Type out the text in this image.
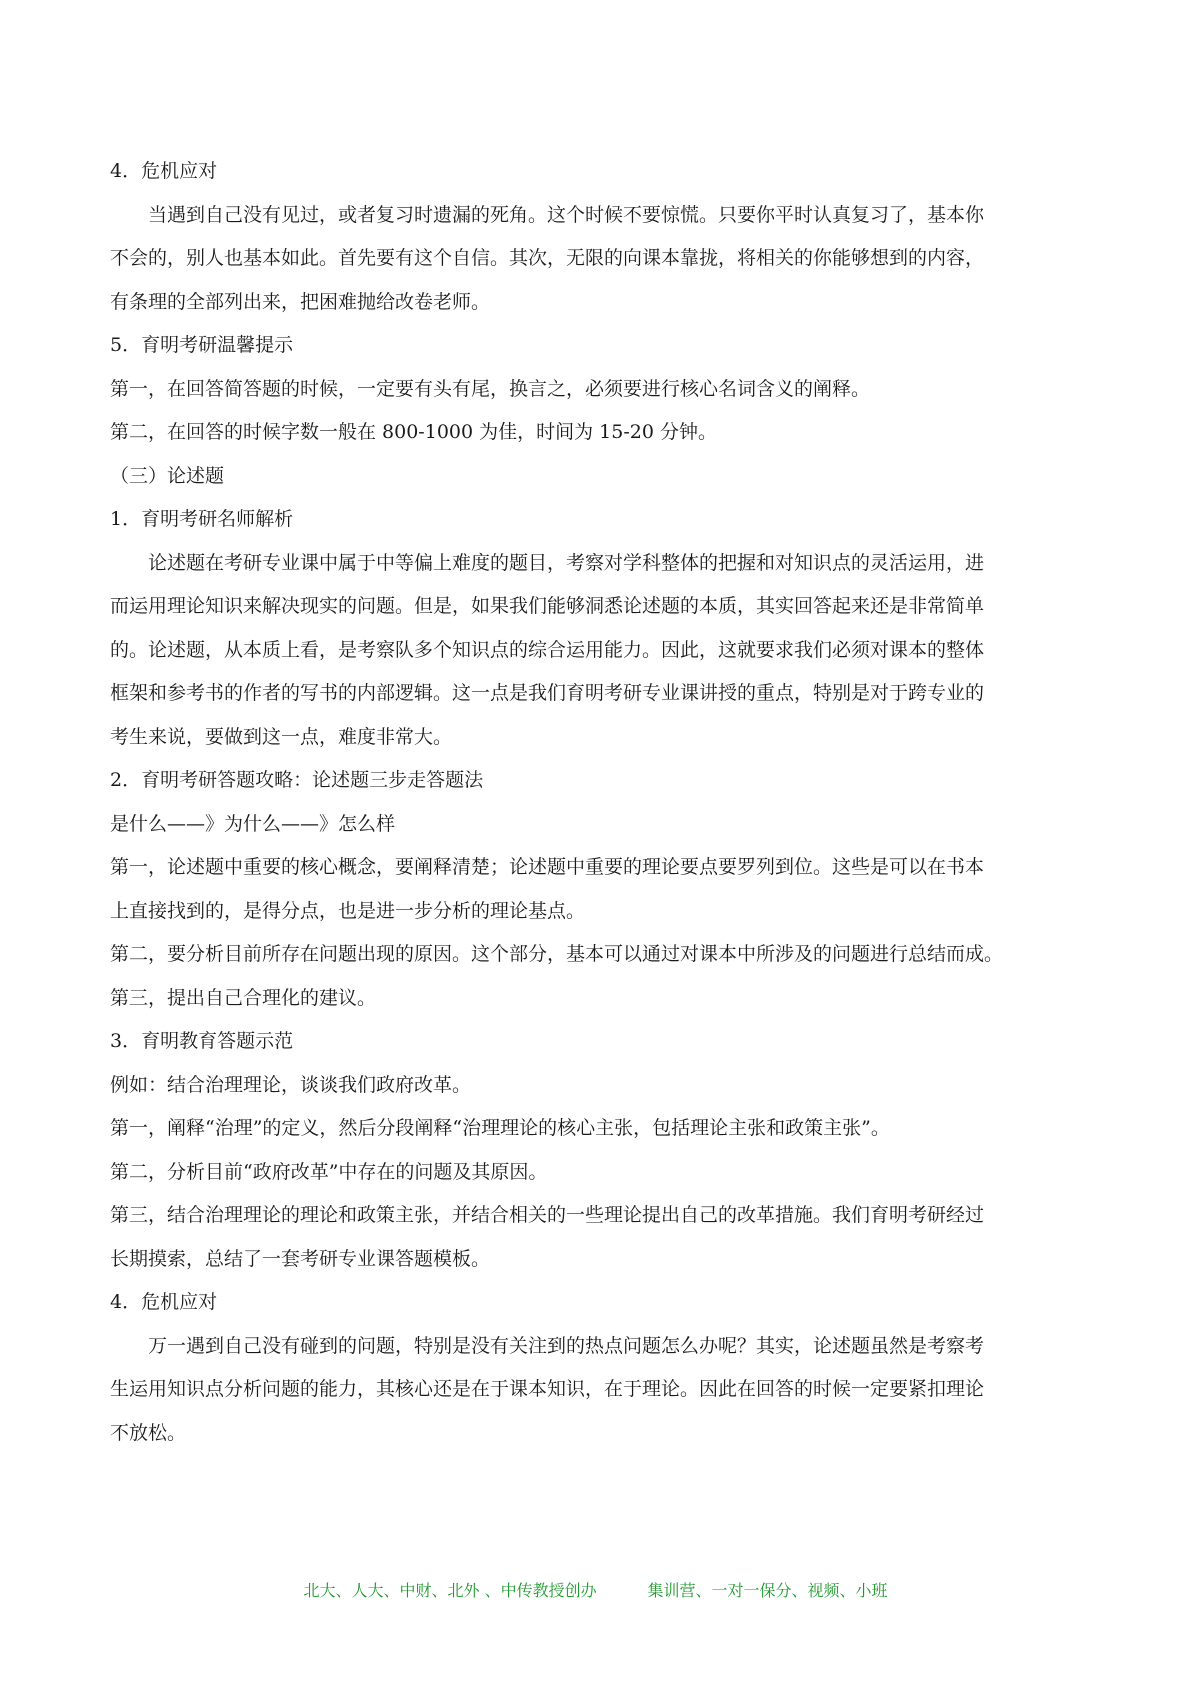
4．危机应对
当遇到自己没有见过，或者复习时遗漏的死角。这个时候不要惊慌。只要你平时认真复习了，基本你
不会的，别人也基本如此。首先要有这个自信。其次，无限的向课本靠拢，将相关的你能够想到的内容，
有条理的全部列出来，把困难抛给改卷老师。
5．育明考研温馨提示
第一，在回答简答题的时候，一定要有头有尾，换言之，必须要进行核心名词含义的阐释。
第二，在回答的时候字数一般在 800-1000 为佳，时间为 15-20 分钟。
（三）论述题
1．育明考研名师解析
论述题在考研专业课中属于中等偏上难度的题目，考察对学科整体的把握和对知识点的灵活运用，进
而运用理论知识来解决现实的问题。但是，如果我们能够洞悉论述题的本质，其实回答起来还是非常简单
的。论述题，从本质上看，是考察队多个知识点的综合运用能力。因此，这就要求我们必须对课本的整体
框架和参考书的作者的写书的内部逻辑。这一点是我们育明考研专业课讲授的重点，特别是对于跨专业的
考生来说，要做到这一点，难度非常大。
2．育明考研答题攻略：论述题三步走答题法
是什么——》为什么——》怎么样
第一，论述题中重要的核心概念，要阐释清楚；论述题中重要的理论要点要罗列到位。这些是可以在书本
上直接找到的，是得分点，也是进一步分析的理论基点。
第二，要分析目前所存在问题出现的原因。这个部分，基本可以通过对课本中所涉及的问题进行总结而成。
第三，提出自己合理化的建议。
3．育明教育答题示范
例如：结合治理理论，谈谈我们政府改革。
第一，阐释“治理”的定义，然后分段阐释“治理理论的核心主张，包括理论主张和政策主张”。
第二，分析目前“政府改革”中存在的问题及其原因。
第三，结合治理理论的理论和政策主张，并结合相关的一些理论提出自己的改革措施。我们育明考研经过
长期摸索，总结了一套考研专业课答题模板。
4．危机应对
万一遇到自己没有碰到的问题，特别是没有关注到的热点问题怎么办呢？其实，论述题虽然是考察考
生运用知识点分析问题的能力，其核心还是在于课本知识，在于理论。因此在回答的时候一定要紧扣理论
不放松。
北大、人大、中财、北外 、中传教授创办          集训营、一对一保分、视频、小班
